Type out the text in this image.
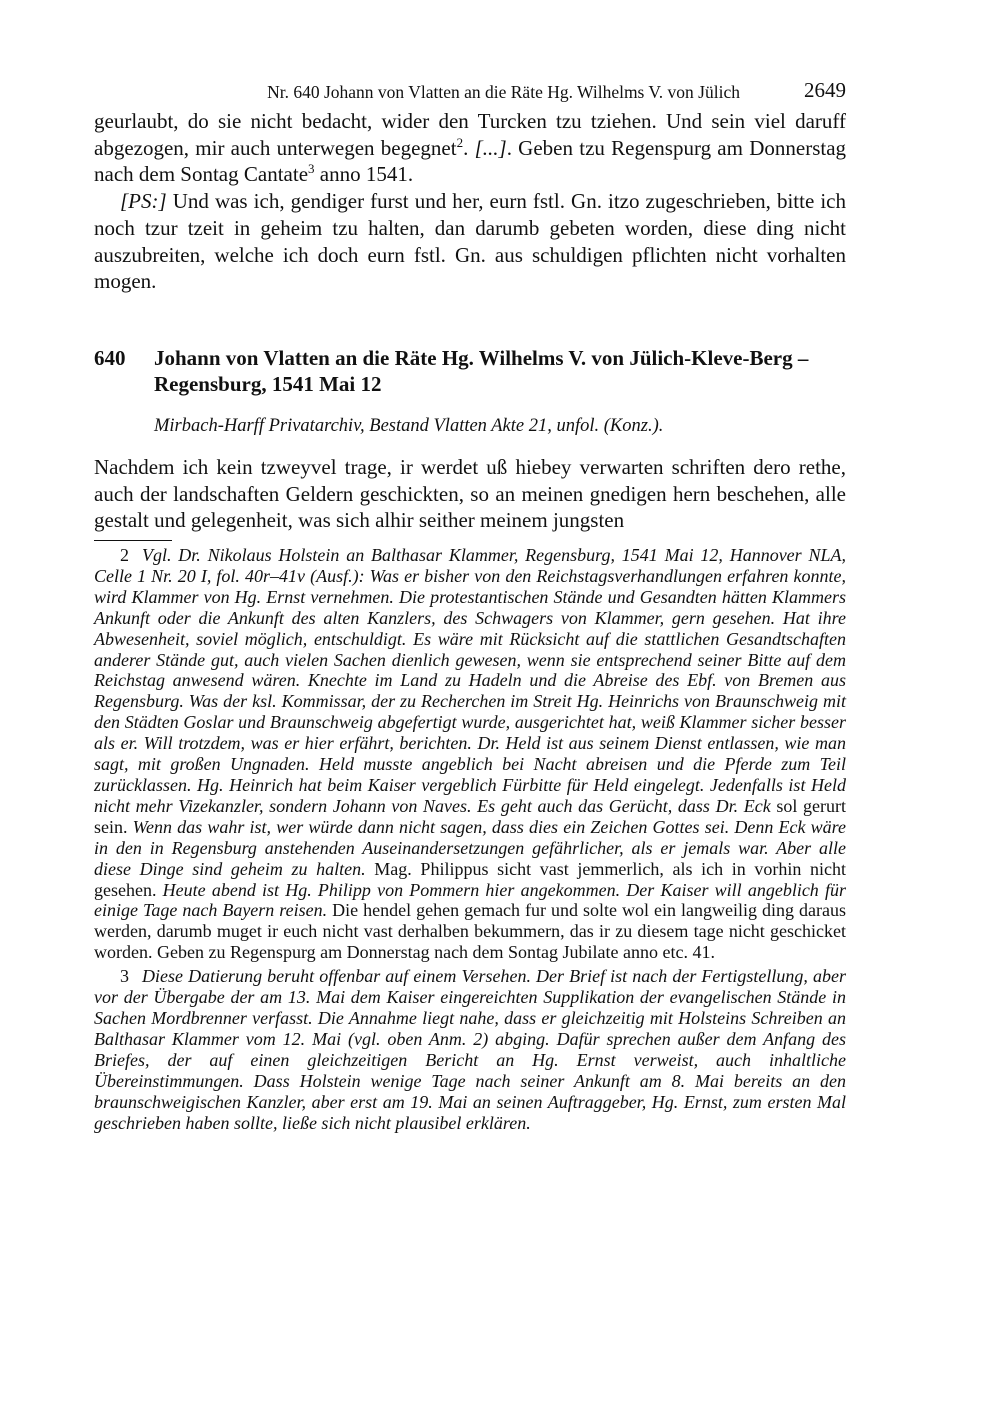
Nr. 640 Johann von Vlatten an die Räte Hg. Wilhelms V. von Jülich	2649

geurlaubt, do sie nicht bedacht, wider den Turcken tzu tziehen. Und sein viel daruff abgezogen, mir auch unterwegen begegnet$^2$. [...]. Geben tzu Regenspurg am Donnerstag nach dem Sontag Cantate$^3$ anno 1541.

[PS:] Und was ich, gendiger furst und her, eurn fstl. Gn. itzo zugeschrieben, bitte ich noch tzur tzeit in geheim tzu halten, dan darumb gebeten worden, diese ding nicht auszubreiten, welche ich doch eurn fstl. Gn. aus schuldigen pflichten nicht vorhalten mogen.

640	Johann von Vlatten an die Räte Hg. Wilhelms V. von Jülich-Kleve-Berg – Regensburg, 1541 Mai 12
Mirbach-Harff Privatarchiv, Bestand Vlatten Akte 21, unfol. (Konz.).

Nachdem ich kein tzweyvel trage, ir werdet uß hiebey verwarten schriften dero rethe, auch der landschaften Geldern geschickten, so an meinen gnedigen hern beschehen, alle gestalt und gelegenheit, was sich alhir seither meinem jungsten

2 Vgl. Dr. Nikolaus Holstein an Balthasar Klammer, Regensburg, 1541 Mai 12, Hannover NLA, Celle 1 Nr. 20 I, fol. 40r–41v (Ausf.): Was er bisher von den Reichstagsverhandlungen erfahren konnte, wird Klammer von Hg. Ernst vernehmen. Die protestantischen Stände und Gesandten hätten Klammers Ankunft oder die Ankunft des alten Kanzlers, des Schwagers von Klammer, gern gesehen. Hat ihre Abwesenheit, soviel möglich, entschuldigt. Es wäre mit Rücksicht auf die stattlichen Gesandtschaften anderer Stände gut, auch vielen Sachen dienlich gewesen, wenn sie entsprechend seiner Bitte auf dem Reichstag anwesend wären. Knechte im Land zu Hadeln und die Abreise des Ebf. von Bremen aus Regensburg. Was der ksl. Kommissar, der zu Recherchen im Streit Hg. Heinrichs von Braunschweig mit den Städten Goslar und Braunschweig abgefertigt wurde, ausgerichtet hat, weiß Klammer sicher besser als er. Will trotzdem, was er hier erfährt, berichten. Dr. Held ist aus seinem Dienst entlassen, wie man sagt, mit großen Ungnaden. Held musste angeblich bei Nacht abreisen und die Pferde zum Teil zurücklassen. Hg. Heinrich hat beim Kaiser vergeblich Fürbitte für Held eingelegt. Jedenfalls ist Held nicht mehr Vizekanzler, sondern Johann von Naves. Es geht auch das Gerücht, dass Dr. Eck sol gerurt sein. Wenn das wahr ist, wer würde dann nicht sagen, dass dies ein Zeichen Gottes sei. Denn Eck wäre in den in Regensburg anstehenden Auseinandersetzungen gefährlicher, als er jemals war. Aber alle diese Dinge sind geheim zu halten. Mag. Philippus sicht vast jemmerlich, als ich in vorhin nicht gesehen. Heute abend ist Hg. Philipp von Pommern hier angekommen. Der Kaiser will angeblich für einige Tage nach Bayern reisen. Die hendel gehen gemach fur und solte wol ein langweilig ding daraus werden, darumb muget ir euch nicht vast derhalben bekummern, das ir zu diesem tage nicht geschicket worden. Geben zu Regenspurg am Donnerstag nach dem Sontag Jubilate anno etc. 41.

3 Diese Datierung beruht offenbar auf einem Versehen. Der Brief ist nach der Fertigstellung, aber vor der Übergabe der am 13. Mai dem Kaiser eingereichten Supplikation der evangelischen Stände in Sachen Mordbrenner verfasst. Die Annahme liegt nahe, dass er gleichzeitig mit Holsteins Schreiben an Balthasar Klammer vom 12. Mai (vgl. oben Anm. 2) abging. Dafür sprechen außer dem Anfang des Briefes, der auf einen gleichzeitigen Bericht an Hg. Ernst verweist, auch inhaltliche Übereinstimmungen. Dass Holstein wenige Tage nach seiner Ankunft am 8. Mai bereits an den braunschweigischen Kanzler, aber erst am 19. Mai an seinen Auftraggeber, Hg. Ernst, zum ersten Mal geschrieben haben sollte, ließe sich nicht plausibel erklären.
